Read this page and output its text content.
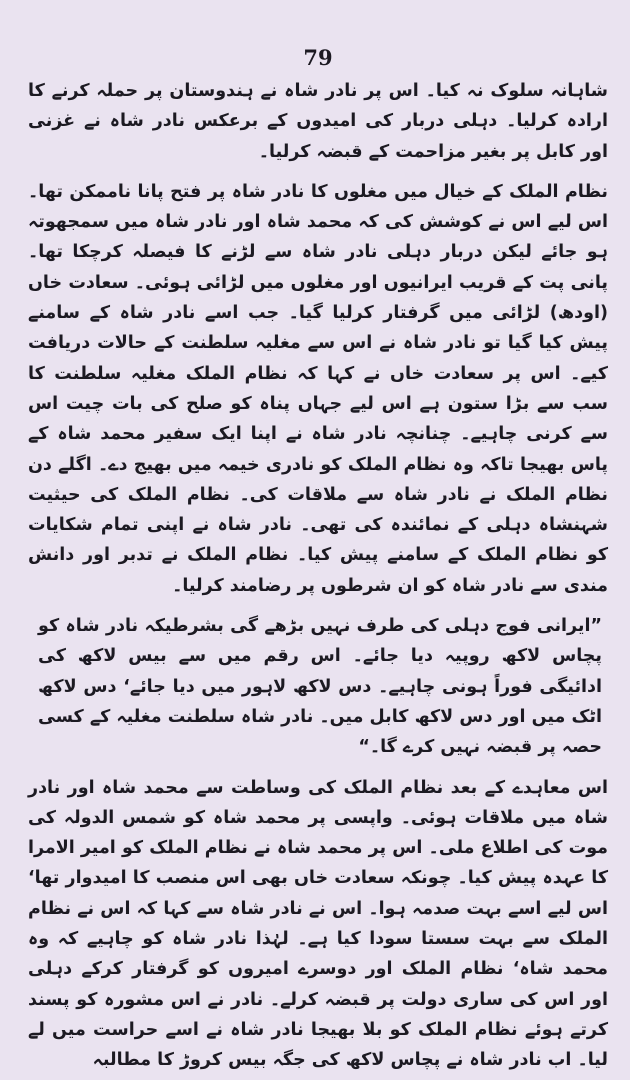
79

شاہانہ سلوک نہ کیا۔ اس پر نادر شاہ نے ہندوستان پر حملہ کرنے کا ارادہ کرلیا۔ دہلی دربار کی امیدوں کے برعکس نادر شاہ نے غزنی اور کابل پر بغیر مزاحمت کے قبضہ کرلیا۔

نظام الملک کے خیال میں مغلوں کا نادر شاہ پر فتح پانا ناممکن تھا۔ اس لیے اس نے کوشش کی کہ محمد شاہ اور نادر شاہ میں سمجھوتہ ہو جائے لیکن دربار دہلی نادر شاہ سے لڑنے کا فیصلہ کرچکا تھا۔ پانی پت کے قریب ایرانیوں اور مغلوں میں لڑائی ہوئی۔ سعادت خاں (اودھ) لڑائی میں گرفتار کرلیا گیا۔ جب اسے نادر شاہ کے سامنے پیش کیا گیا تو نادر شاہ نے اس سے مغلیہ سلطنت کے حالات دریافت کیے۔ اس پر سعادت خاں نے کہا کہ نظام الملک مغلیہ سلطنت کا سب سے بڑا ستون ہے اس لیے جہاں پناہ کو صلح کی بات چیت اس سے کرنی چاہیے۔ چنانچہ نادر شاہ نے اپنا ایک سفیر محمد شاہ کے پاس بھیجا تاکہ وہ نظام الملک کو نادری خیمہ میں بھیج دے۔ اگلے دن نظام الملک نے نادر شاہ سے ملاقات کی۔ نظام الملک کی حیثیت شہنشاہ دہلی کے نمائندہ کی تھی۔ نادر شاہ نے اپنی تمام شکایات کو نظام الملک کے سامنے پیش کیا۔ نظام الملک نے تدبر اور دانش مندی سے نادر شاہ کو ان شرطوں پر رضامند کرلیا۔

”ایرانی فوج دہلی کی طرف نہیں بڑھے گی بشرطیکہ نادر شاہ کو پچاس لاکھ روپیہ دیا جائے۔ اس رقم میں سے بیس لاکھ کی ادائیگی فوراً ہونی چاہیے۔ دس لاکھ لاہور میں دیا جائے‘ دس لاکھ اٹک میں اور دس لاکھ کابل میں۔ نادر شاہ سلطنت مغلیہ کے کسی حصہ پر قبضہ نہیں کرے گا۔“

اس معاہدے کے بعد نظام الملک کی وساطت سے محمد شاہ اور نادر شاہ میں ملاقات ہوئی۔ واپسی پر محمد شاہ کو شمس الدولہ کی موت کی اطلاع ملی۔ اس پر محمد شاہ نے نظام الملک کو امیر الامرا کا عہدہ پیش کیا۔ چونکہ سعادت خاں بھی اس منصب کا امیدوار تھا‘ اس لیے اسے بہت صدمہ ہوا۔ اس نے نادر شاہ سے کہا کہ اس نے نظام الملک سے بہت سستا سودا کیا ہے۔ لہٰذا نادر شاہ کو چاہیے کہ وہ محمد شاہ‘ نظام الملک اور دوسرے امیروں کو گرفتار کرکے دہلی اور اس کی ساری دولت پر قبضہ کرلے۔ نادر نے اس مشورہ کو پسند کرتے ہوئے نظام الملک کو بلا بھیجا نادر شاہ نے اسے حراست میں لے لیا۔ اب نادر شاہ نے پچاس لاکھ کی جگہ بیس کروڑ کا مطالبہ
